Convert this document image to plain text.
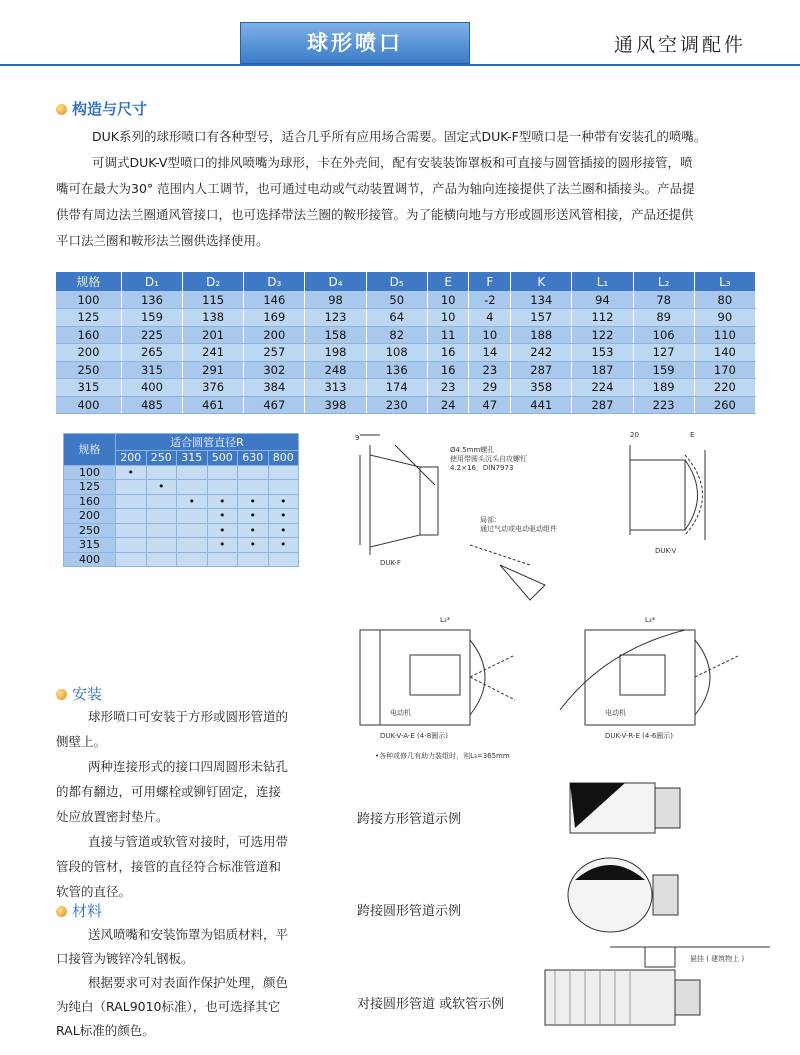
球形喷口	通风空调配件
构造与尺寸
DUK系列的球形喷口有各种型号，适合几乎所有应用场合需要。固定式DUK-F型喷口是一种带有安装孔的喷嘴。
可调式DUK-V型喷口的排风喷嘴为球形，卡在外壳间，配有安装装饰罩板和可直接与圆管插接的圆形接管，喷
嘴可在最大为30° 范围内人工调节，也可通过电动或气动装置调节，产品为轴向连接提供了法兰圈和插接头。产品提
供带有周边法兰圈通风管接口，也可选择带法兰圈的鞍形接管。为了能横向地与方形或圆形送风管相接，产品还提供
平口法兰圈和鞍形法兰圈供选择使用。
规格	D₁	D₂	D₃	D₄	D₅	E	F	K	L₁	L₂	L₃
100	136	115	146	98	50	10	-2	134	94	78	80
125	159	138	169	123	64	10	4	157	112	89	90
160	225	201	200	158	82	11	10	188	122	106	110
200	265	241	257	198	108	16	14	242	153	127	140
250	315	291	302	248	136	16	23	287	187	159	170
315	400	376	384	313	174	23	29	358	224	189	220
400	485	461	467	398	230	24	47	441	287	223	260
规格	适合圆管直径R					
	200	250	315	500	630	800
100	•					
125		•				
160			•	•	•	•
200				•	•	•
250				•	•	•
315				•	•	•
400						
9
Ø4.5mm螺孔
使用带圆头沉头自攻螺钉
4.2×16，DIN7973
局部：
通过气动或电动驱动组件
DUK-F
20	E
DUK-V
L₃*
电动机
DUK-V-A-E (4-8圈示)
•各种或修几有助力装组时，则L₃=365mm
L₃*
电动机
DUK-V-R-E (4-6圈示)
悬挂 ( 建筑物上 )
跨接方形管道示例
跨接圆形管道示例
对接圆形管道 或软管示例
安装
球形喷口可安装于方形或圆形管道的
侧壁上。
两种连接形式的接口四周圆形未钻孔
的都有翻边，可用螺栓或铆钉固定，连接
处应放置密封垫片。
直接与管道或软管对接时，可选用带
管段的管材，接管的直径符合标准管道和
软管的直径。
材料
送风喷嘴和安装饰罩为铝质材料，平
口接管为镀锌冷轧钢板。
根据要求可对表面作保护处理，颜色
为纯白（RAL9010标准），也可选择其它
RAL标准的颜色。
